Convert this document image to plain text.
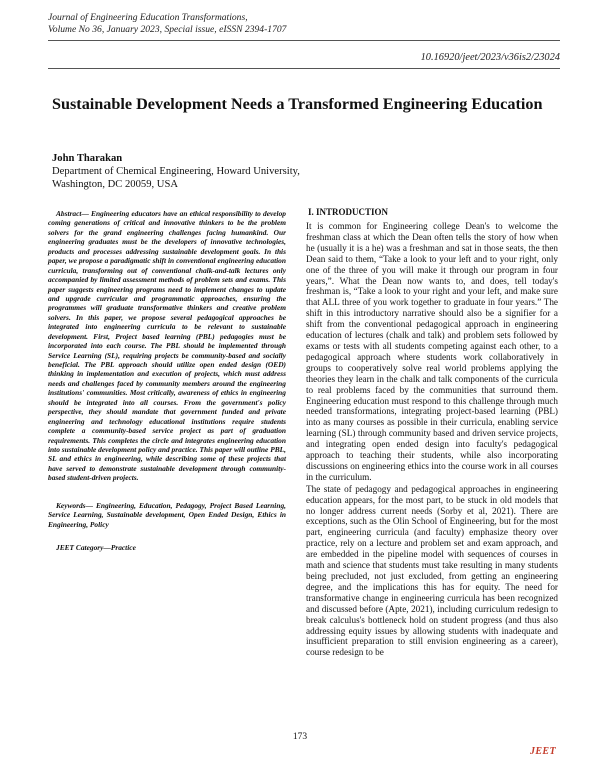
Journal of Engineering Education Transformations,
Volume No 36, January 2023, Special issue, eISSN 2394-1707
10.16920/jeet/2023/v36is2/23024
Sustainable Development Needs a Transformed Engineering Education
John Tharakan
Department of Chemical Engineering, Howard University,
Washington, DC 20059, USA

Abstract— Engineering educators have an ethical responsibility to develop coming generations of critical and innovative thinkers to be the problem solvers for the grand engineering challenges facing humankind. Our engineering graduates must be the developers of innovative technologies, products and processes addressing sustainable development goals. In this paper, we propose a paradigmatic shift in conventional engineering education curricula, transforming out of conventional chalk-and-talk lectures only accompanied by limited assessment methods of problem sets and exams. This paper suggests engineering programs need to implement changes to update and upgrade curricular and programmatic approaches, ensuring the programmes will graduate transformative thinkers and creative problem solvers. In this paper, we propose several pedagogical approaches be integrated into engineering curricula to be relevant to sustainable development. First, Project based learning (PBL) pedagogies must be incorporated into each course. The PBL should be implemented through Service Learning (SL), requiring projects be community-based and socially beneficial. The PBL approach should utilize open ended design (OED) thinking in implementation and execution of projects, which must address needs and challenges faced by community members around the engineering institutions' communities. Most critically, awareness of ethics in engineering should be integrated into all courses. From the government's policy perspective, they should mandate that government funded and private engineering and technology educational institutions require students complete a community-based service project as part of graduation requirements. This completes the circle and integrates engineering education into sustainable development policy and practice. This paper will outline PBL, SL and ethics in engineering, while describing some of these projects that have served to demonstrate sustainable development through community-based student-driven projects.

Keywords— Engineering, Education, Pedagogy, Project Based Learning, Service Learning, Sustainable development, Open Ended Design, Ethics in Engineering, Policy

JEET Category—Practice
I. INTRODUCTION

It is common for Engineering college Dean's to welcome the freshman class at which the Dean often tells the story of how when he (usually it is a he) was a freshman and sat in those seats, the then Dean said to them, “Take a look to your left and to your right, only one of the three of you will make it through our program in four years,”. What the Dean now wants to, and does, tell today's freshman is, “Take a look to your right and your left, and make sure that ALL three of you work together to graduate in four years.” The shift in this introductory narrative should also be a signifier for a shift from the conventional pedagogical approach in engineering education of lectures (chalk and talk) and problem sets followed by exams or tests with all students competing against each other, to a pedagogical approach where students work collaboratively in groups to cooperatively solve real world problems applying the theories they learn in the chalk and talk components of the curricula to real problems faced by the communities that surround them. Engineering education must respond to this challenge through much needed transformations, integrating project-based learning (PBL) into as many courses as possible in their curricula, enabling service learning (SL) through community based and driven service projects, and integrating open ended design into faculty's pedagogical approach to teaching their students, while also incorporating discussions on engineering ethics into the course work in all courses in the curriculum.

The state of pedagogy and pedagogical approaches in engineering education appears, for the most part, to be stuck in old models that no longer address current needs (Sorby et al, 2021). There are exceptions, such as the Olin School of Engineering, but for the most part, engineering curricula (and faculty) emphasize theory over practice, rely on a lecture and problem set and exam approach, and are embedded in the pipeline model with sequences of courses in math and science that students must take resulting in many students being precluded, not just excluded, from getting an engineering degree, and the implications this has for equity. The need for transformative change in engineering curricula has been recognized and discussed before (Apte, 2021), including curriculum redesign to break calculus's bottleneck hold on student progress (and thus also addressing equity issues by allowing students with inadequate and insufficient preparation to still envision engineering as a career), course redesign to be

173
JEET
